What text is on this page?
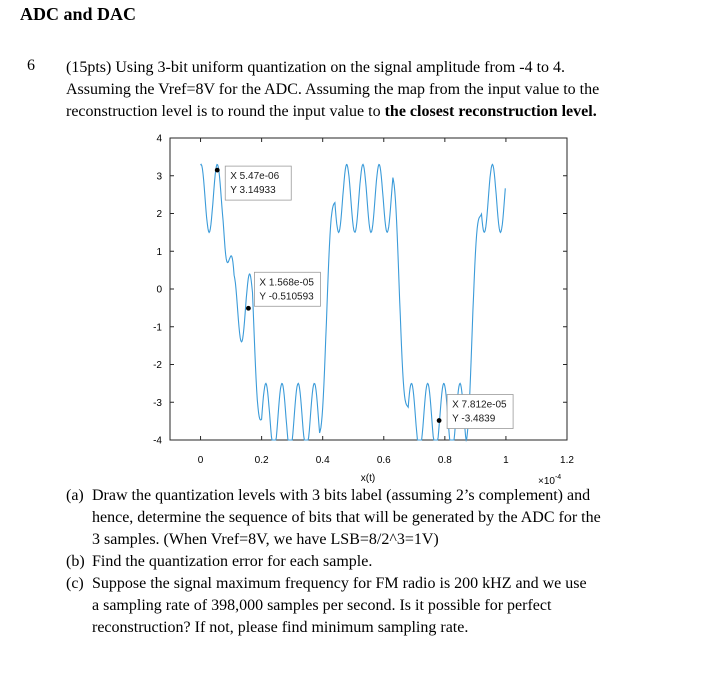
ADC and DAC
6 (15pts) Using 3-bit uniform quantization on the signal amplitude from -4 to 4.
Assuming the Vref=8V for the ADC. Assuming the map from the input value to the
reconstruction level is to round the input value to the closest reconstruction level.
4
3
2
1
0
-1
-2
-3
-4
0	0.2	0.4	0.6	0.8	1	1.2
X 5.47e-06
Y 3.14933
X 1.568e-05
Y -0.510593
X 7.812e-05
Y -3.4839
x(t)	$\times 10^{-4}$
(a) Draw the quantization levels with 3 bits label (assuming 2’s complement) and
hence, determine the sequence of bits that will be generated by the ADC for the
3 samples. (When Vref=8V, we have LSB=8/2^3=1V)
(b) Find the quantization error for each sample.
(c) Suppose the signal maximum frequency for FM radio is 200 kHZ and we use
a sampling rate of 398,000 samples per second. Is it possible for perfect
reconstruction? If not, please find minimum sampling rate.
